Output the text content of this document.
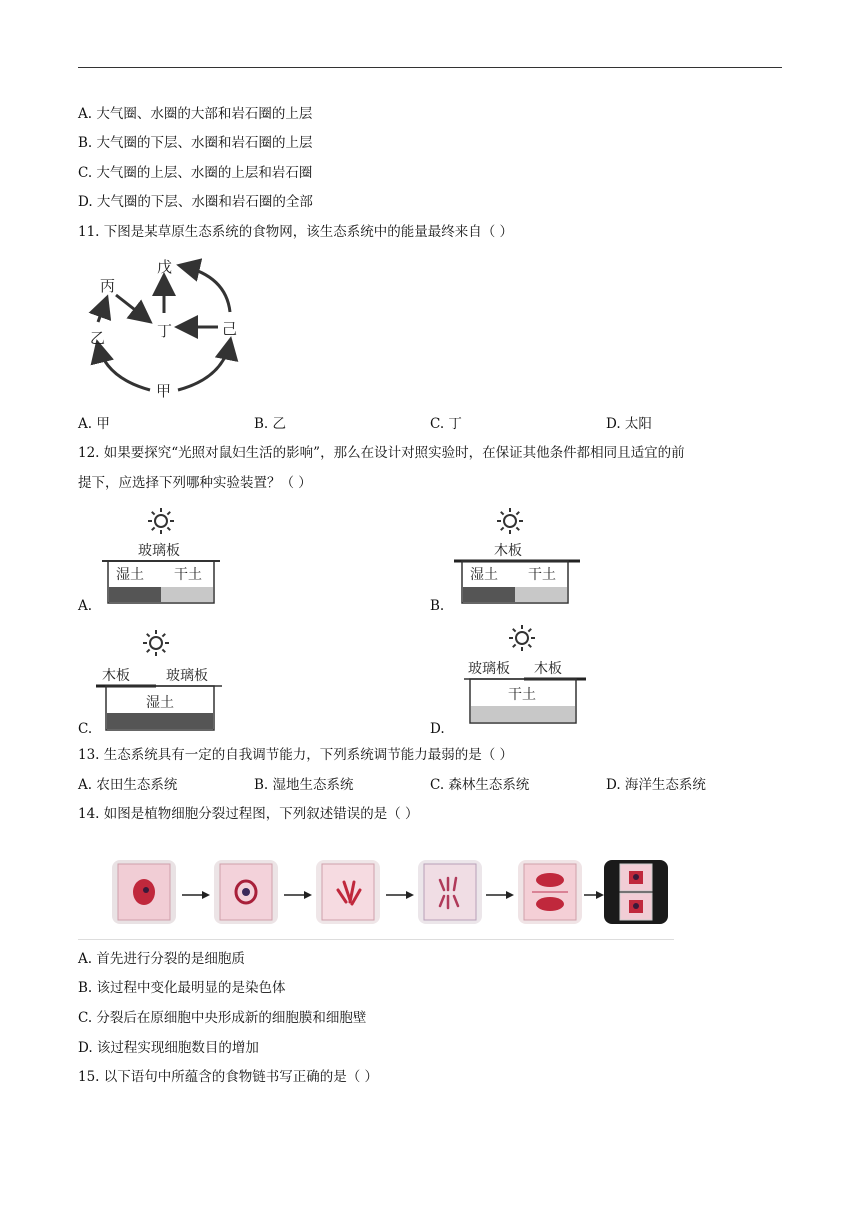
A. 大气圈、水圈的大部和岩石圈的上层
B. 大气圈的下层、水圈和岩石圈的上层
C. 大气圈的上层、水圈的上层和岩石圈
D. 大气圈的下层、水圈和岩石圈的全部
11. 下图是某草原生态系统的食物网，该生态系统中的能量最终来自（ ）
戊
丙
丁	己
乙
甲
A. 甲	B. 乙	C. 丁	D. 太阳
12. 如果要探究“光照对鼠妇生活的影响”，那么在设计对照实验时，在保证其他条件都相同且适宜的前
提下，应选择下列哪种实验装置？（ ）
玻璃板
湿土 干土
A.
木板
湿土 干土
B.
木板	玻璃板
湿土
C.
玻璃板 木板
干土
D.
13. 生态系统具有一定的自我调节能力，下列系统调节能力最弱的是（ ）
A. 农田生态系统	B. 湿地生态系统	C. 森林生态系统	D. 海洋生态系统
14. 如图是植物细胞分裂过程图，下列叙述错误的是（ ）
A. 首先进行分裂的是细胞质
B. 该过程中变化最明显的是染色体
C. 分裂后在原细胞中央形成新的细胞膜和细胞壁
D. 该过程实现细胞数目的增加
15. 以下语句中所蕴含的食物链书写正确的是（ ）
